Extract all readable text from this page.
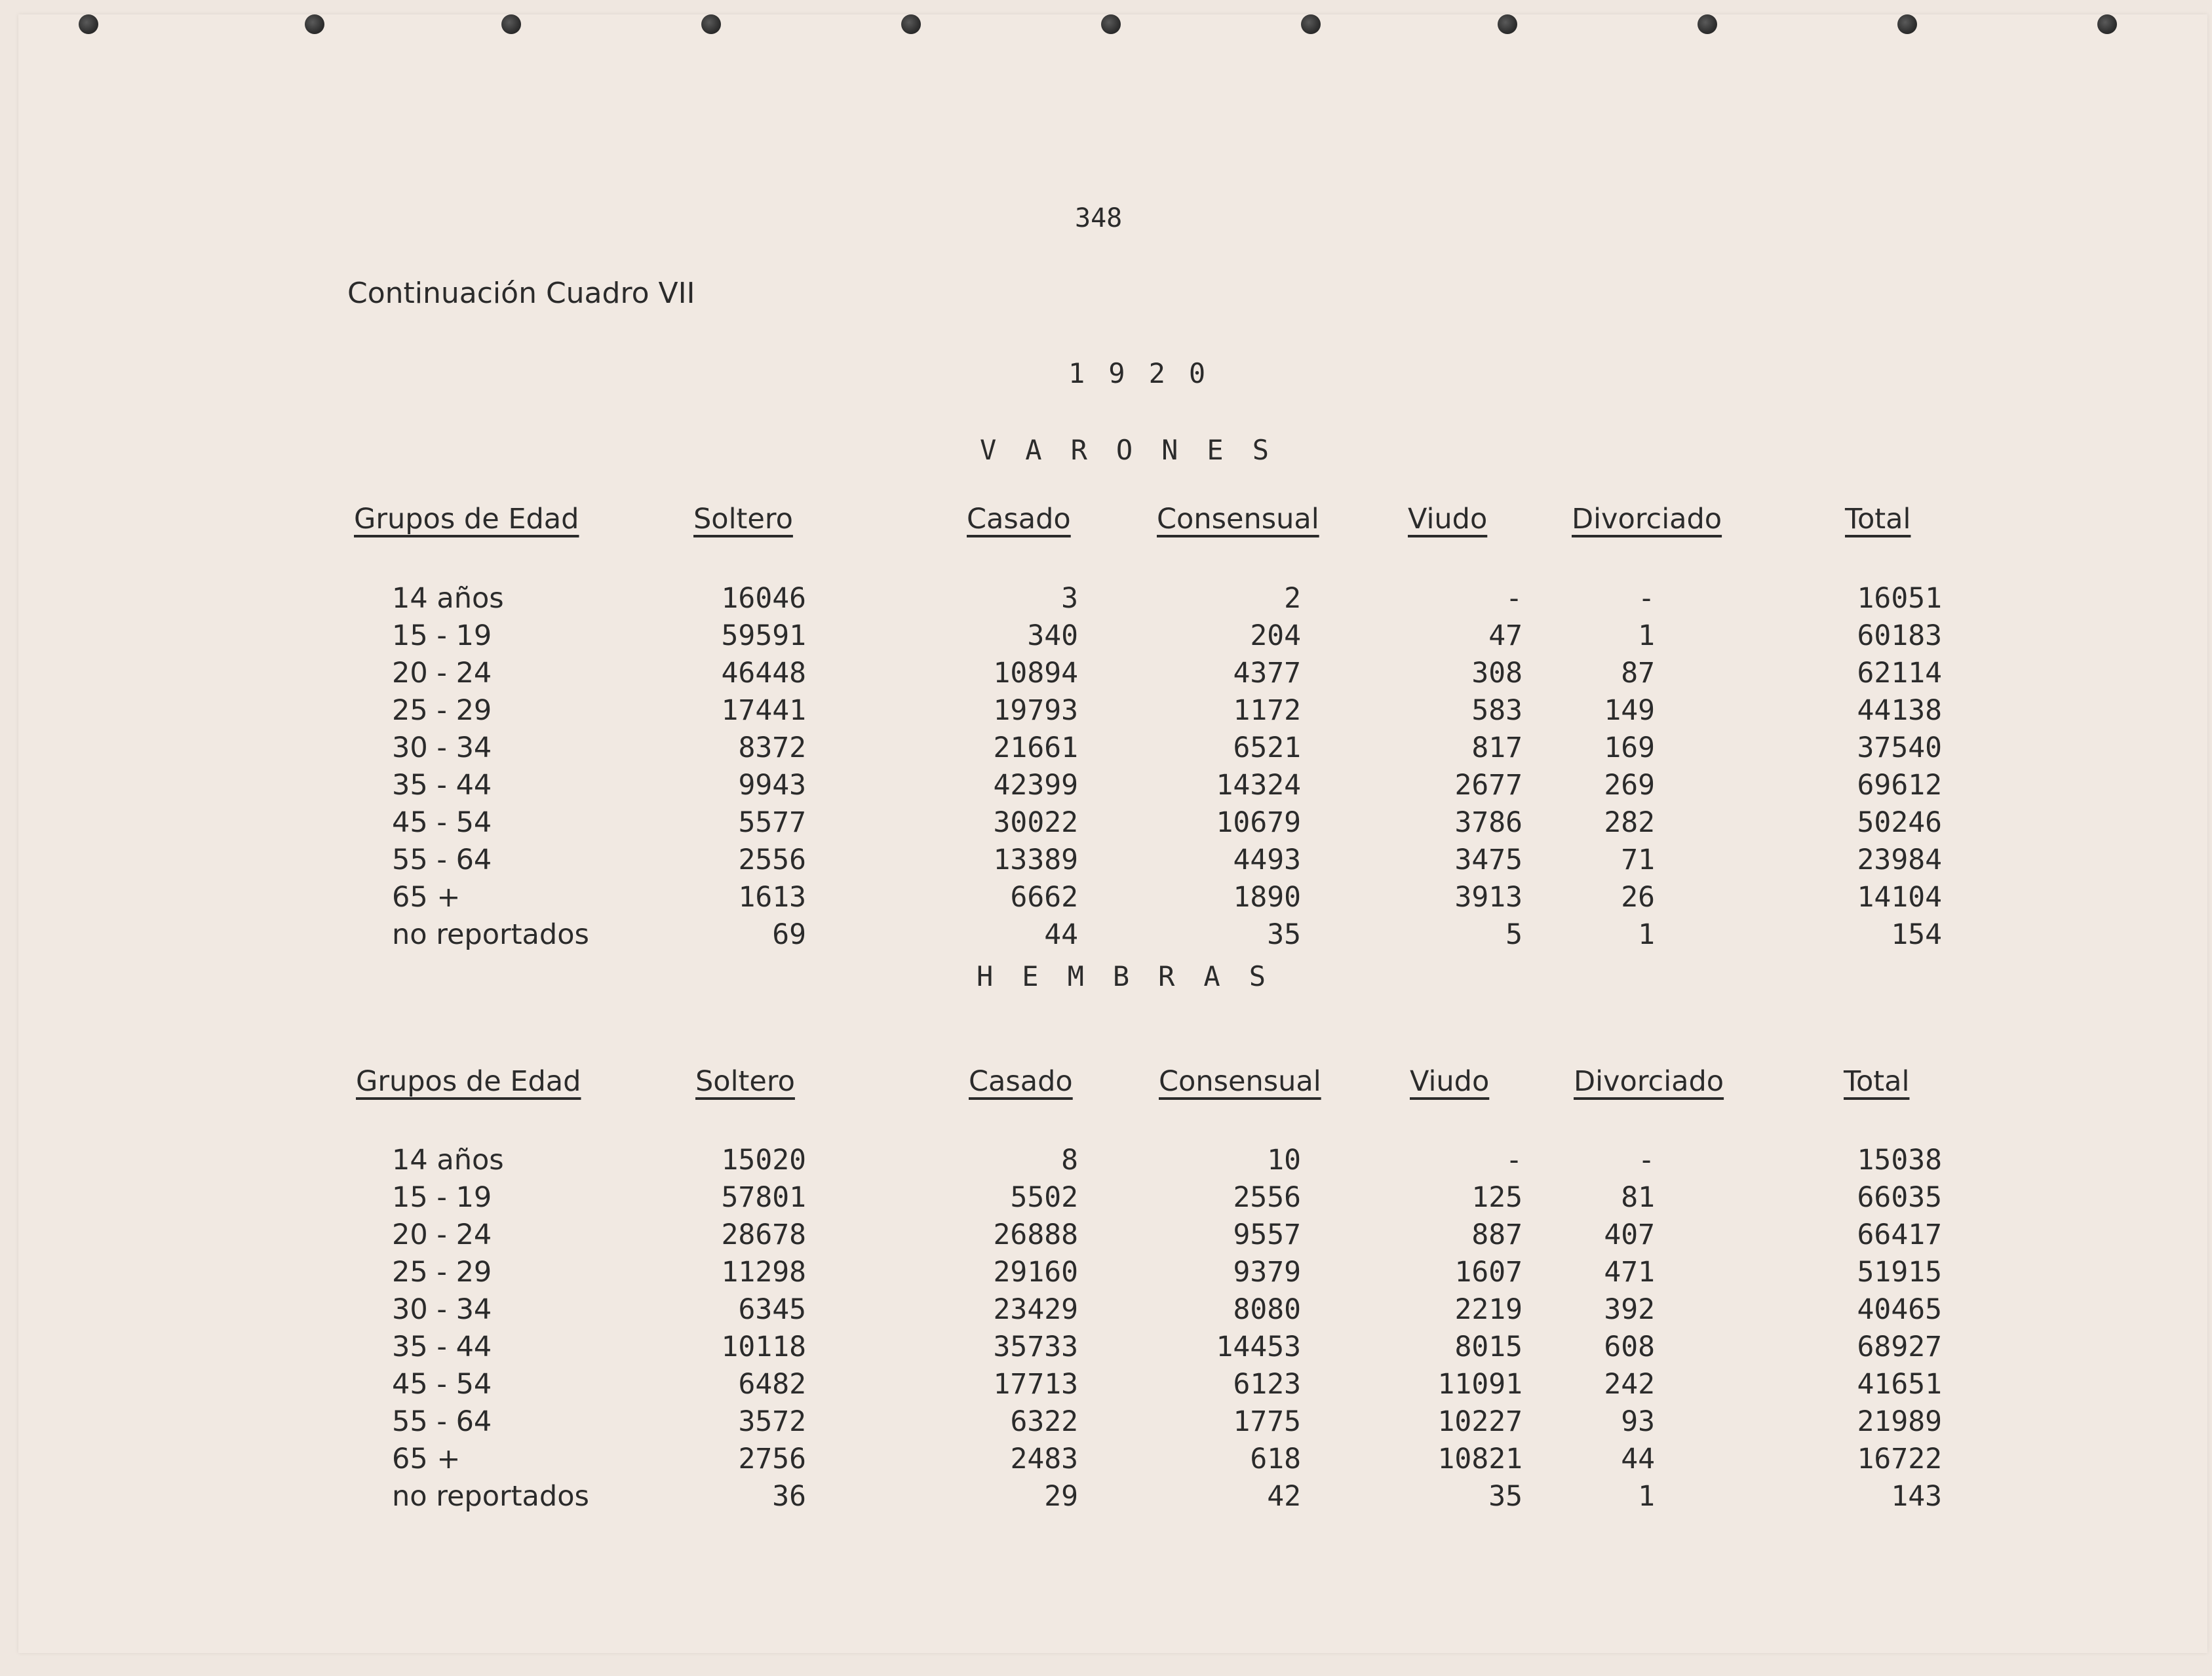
348
Continuación Cuadro VII
1920
VARONES
HEMBRAS
Grupos de Edad	Soltero	Casado	Consensual	Viudo	Divorciado	Total
Grupos de Edad	Soltero	Casado	Consensual	Viudo	Divorciado	Total
14 años	16046	3	2	-	-	16051
15 - 19	59591	340	204	47	1	60183
20 - 24	46448	10894	4377	308	87	62114
25 - 29	17441	19793	1172	583	149	44138
30 - 34	8372	21661	6521	817	169	37540
35 - 44	9943	42399	14324	2677	269	69612
45 - 54	5577	30022	10679	3786	282	50246
55 - 64	2556	13389	4493	3475	71	23984
65 +	1613	6662	1890	3913	26	14104
no reportados	69	44	35	5	1	154
14 años	15020	8	10	-	-	15038
15 - 19	57801	5502	2556	125	81	66035
20 - 24	28678	26888	9557	887	407	66417
25 - 29	11298	29160	9379	1607	471	51915
30 - 34	6345	23429	8080	2219	392	40465
35 - 44	10118	35733	14453	8015	608	68927
45 - 54	6482	17713	6123	11091	242	41651
55 - 64	3572	6322	1775	10227	93	21989
65 +	2756	2483	618	10821	44	16722
no reportados	36	29	42	35	1	143
